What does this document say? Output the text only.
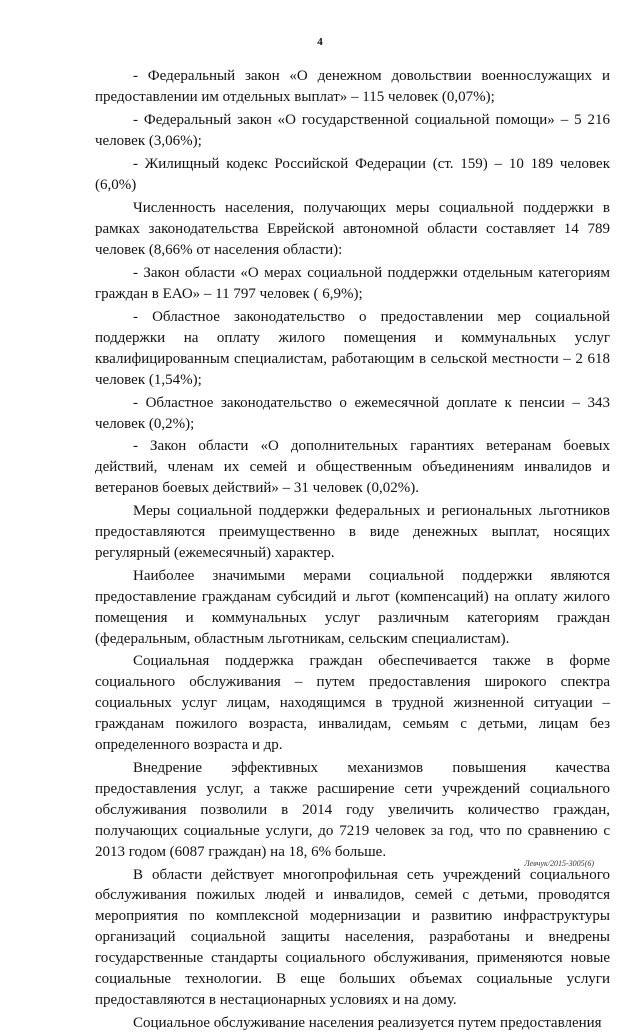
4

- Федеральный закон «О денежном довольствии военнослужащих и предоставлении им отдельных выплат» – 115 человек (0,07%);

- Федеральный закон «О государственной социальной помощи» – 5 216 человек (3,06%);

- Жилищный кодекс Российской Федерации (ст. 159) – 10 189 человек (6,0%)

Численность населения, получающих меры социальной поддержки в рамках законодательства Еврейской автономной области составляет 14 789 человек (8,66% от населения области):

- Закон области «О мерах социальной поддержки отдельным категориям граждан в ЕАО» – 11 797 человек ( 6,9%);

- Областное законодательство о предоставлении мер социальной поддержки на оплату жилого помещения и коммунальных услуг квалифицированным специалистам, работающим в сельской местности – 2 618 человек (1,54%);

- Областное законодательство о ежемесячной доплате к пенсии – 343 человек (0,2%);

- Закон области «О дополнительных гарантиях ветеранам боевых действий, членам их семей и общественным объединениям инвалидов и ветеранов боевых действий» – 31 человек (0,02%).

Меры социальной поддержки федеральных и региональных льготников предоставляются преимущественно в виде денежных выплат, носящих регулярный (ежемесячный) характер.

Наиболее значимыми мерами социальной поддержки являются предоставление гражданам субсидий и льгот (компенсаций) на оплату жилого помещения и коммунальных услуг различным категориям граждан (федеральным, областным льготникам, сельским специалистам).

Социальная поддержка граждан обеспечивается также в форме социального обслуживания – путем предоставления широкого спектра социальных услуг лицам, находящимся в трудной жизненной ситуации – гражданам пожилого возраста, инвалидам, семьям с детьми, лицам без определенного возраста и др.

Внедрение эффективных механизмов повышения качества предоставления услуг, а также расширение сети учреждений социального обслуживания позволили в 2014 году увеличить количество граждан, получающих социальные услуги, до 7219 человек за год, что по сравнению с 2013 годом (6087 граждан) на 18, 6% больше.

В области действует многопрофильная сеть учреждений социального обслуживания пожилых людей и инвалидов, семей с детьми, проводятся мероприятия по комплексной модернизации и развитию инфраструктуры организаций социальной защиты населения, разработаны и внедрены государственные стандарты социального обслуживания, применяются новые социальные технологии. В еще больших объемах социальные услуги предоставляются в нестационарных условиях и на дому.

Социальное обслуживание населения реализуется путем предоставления

Левчук/2015-3005(6)
